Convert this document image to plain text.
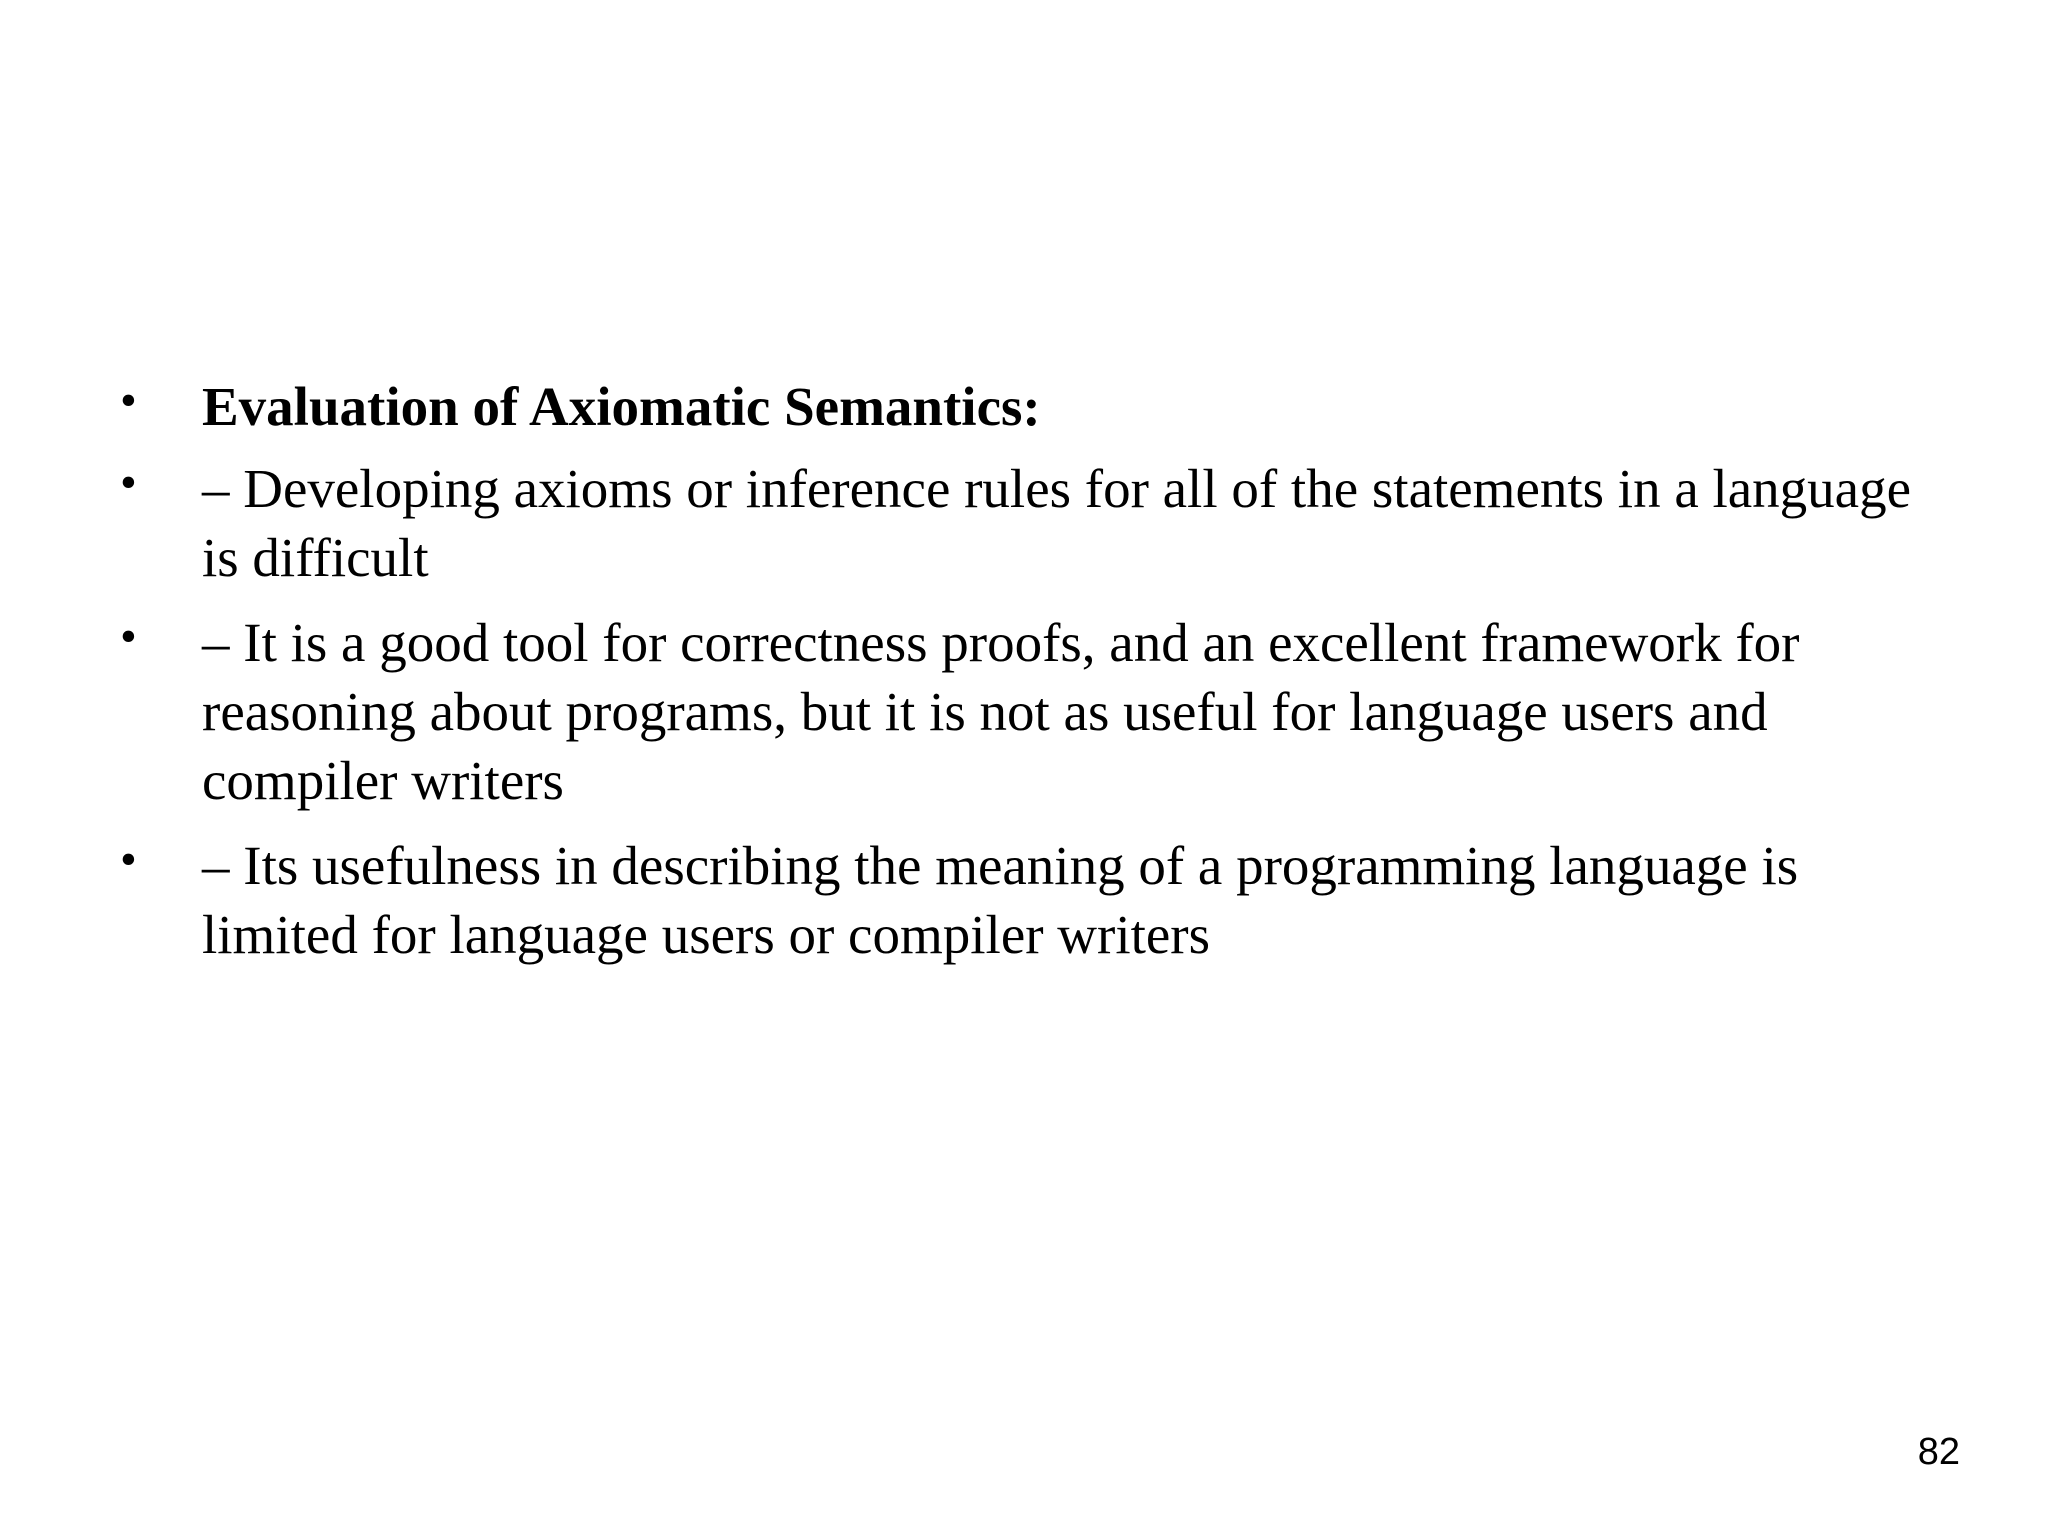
•	Evaluation of Axiomatic Semantics:
•	– Developing axioms or inference rules for all of the statements in a language is difficult
•	– It is a good tool for correctness proofs, and an excellent framework for reasoning about programs, but it is not as useful for language users and compiler writers
•	– Its usefulness in describing the meaning of a programming language is limited for language users or compiler writers
82
